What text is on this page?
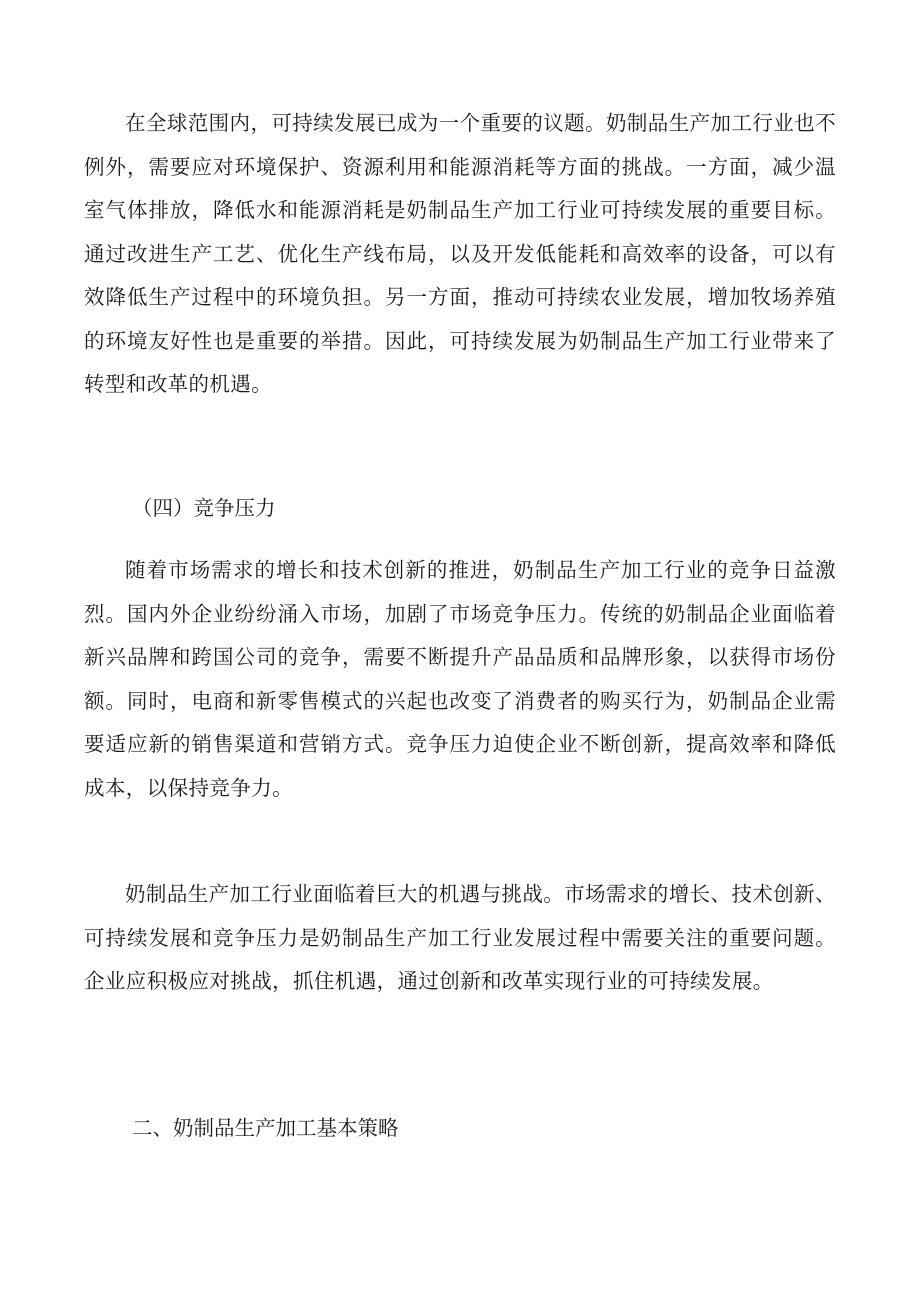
在全球范围内，可持续发展已成为一个重要的议题。奶制品生产加工行业也不例外，需要应对环境保护、资源利用和能源消耗等方面的挑战。一方面，减少温室气体排放，降低水和能源消耗是奶制品生产加工行业可持续发展的重要目标。通过改进生产工艺、优化生产线布局，以及开发低能耗和高效率的设备，可以有效降低生产过程中的环境负担。另一方面，推动可持续农业发展，增加牧场养殖的环境友好性也是重要的举措。因此，可持续发展为奶制品生产加工行业带来了转型和改革的机遇。

（四）竞争压力

随着市场需求的增长和技术创新的推进，奶制品生产加工行业的竞争日益激烈。国内外企业纷纷涌入市场，加剧了市场竞争压力。传统的奶制品企业面临着新兴品牌和跨国公司的竞争，需要不断提升产品品质和品牌形象，以获得市场份额。同时，电商和新零售模式的兴起也改变了消费者的购买行为，奶制品企业需要适应新的销售渠道和营销方式。竞争压力迫使企业不断创新，提高效率和降低成本，以保持竞争力。

奶制品生产加工行业面临着巨大的机遇与挑战。市场需求的增长、技术创新、可持续发展和竞争压力是奶制品生产加工行业发展过程中需要关注的重要问题。企业应积极应对挑战，抓住机遇，通过创新和改革实现行业的可持续发展。

二、奶制品生产加工基本策略
